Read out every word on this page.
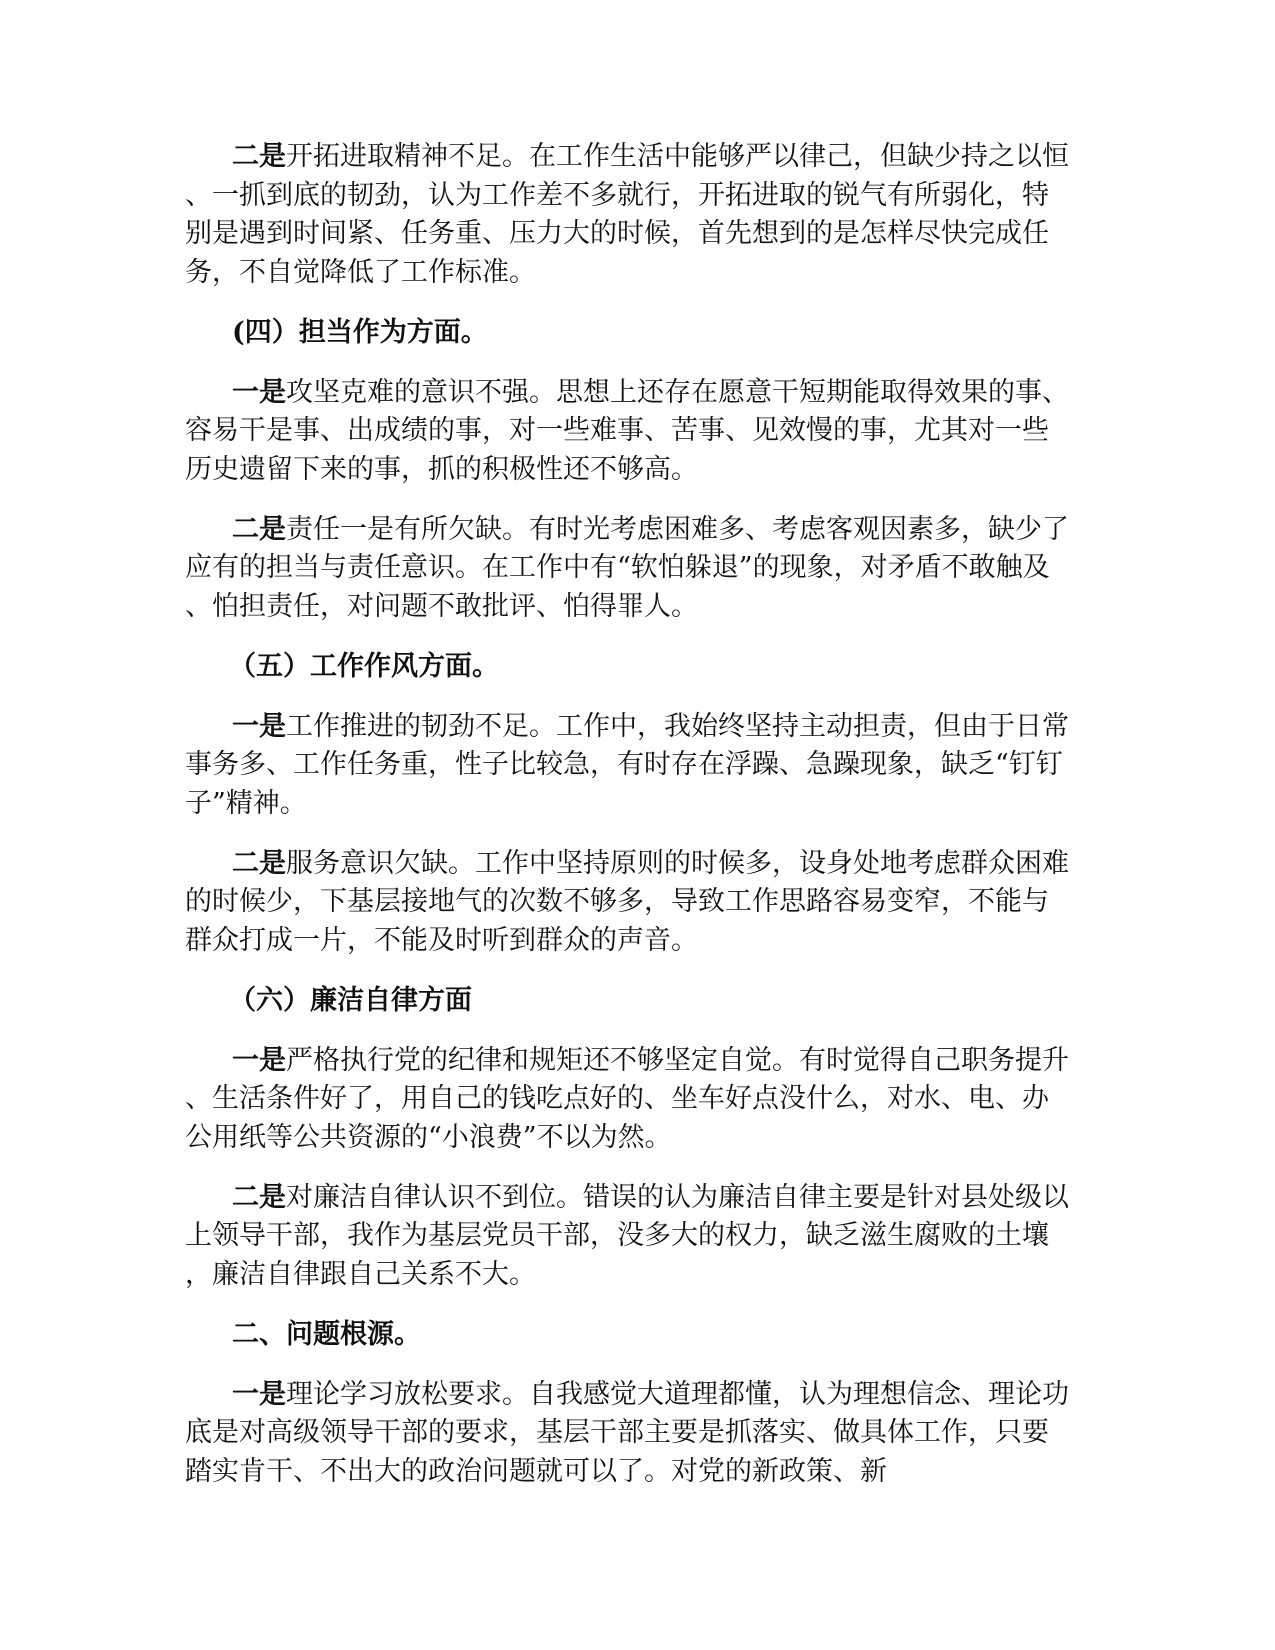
二是开拓进取精神不足。在工作生活中能够严以律己，但缺少持之以恒、一抓到底的韧劲，认为工作差不多就行，开拓进取的锐气有所弱化，特别是遇到时间紧、任务重、压力大的时候，首先想到的是怎样尽快完成任务，不自觉降低了工作标准。

(四）担当作为方面。

一是攻坚克难的意识不强。思想上还存在愿意干短期能取得效果的事、容易干是事、出成绩的事，对一些难事、苦事、见效慢的事，尤其对一些历史遗留下来的事，抓的积极性还不够高。

二是责任一是有所欠缺。有时光考虑困难多、考虑客观因素多，缺少了应有的担当与责任意识。在工作中有“软怕躲退”的现象，对矛盾不敢触及、怕担责任，对问题不敢批评、怕得罪人。

（五）工作作风方面。

一是工作推进的韧劲不足。工作中，我始终坚持主动担责，但由于日常事务多、工作任务重，性子比较急，有时存在浮躁、急躁现象，缺乏“钉钉子”精神。

二是服务意识欠缺。工作中坚持原则的时候多，设身处地考虑群众困难的时候少，下基层接地气的次数不够多，导致工作思路容易变窄，不能与群众打成一片，不能及时听到群众的声音。

（六）廉洁自律方面

一是严格执行党的纪律和规矩还不够坚定自觉。有时觉得自己职务提升、生活条件好了，用自己的钱吃点好的、坐车好点没什么，对水、电、办公用纸等公共资源的“小浪费”不以为然。

二是对廉洁自律认识不到位。错误的认为廉洁自律主要是针对县处级以上领导干部，我作为基层党员干部，没多大的权力，缺乏滋生腐败的土壤，廉洁自律跟自己关系不大。

二、问题根源。

一是理论学习放松要求。自我感觉大道理都懂，认为理想信念、理论功底是对高级领导干部的要求，基层干部主要是抓落实、做具体工作，只要踏实肯干、不出大的政治问题就可以了。对党的新政策、新
